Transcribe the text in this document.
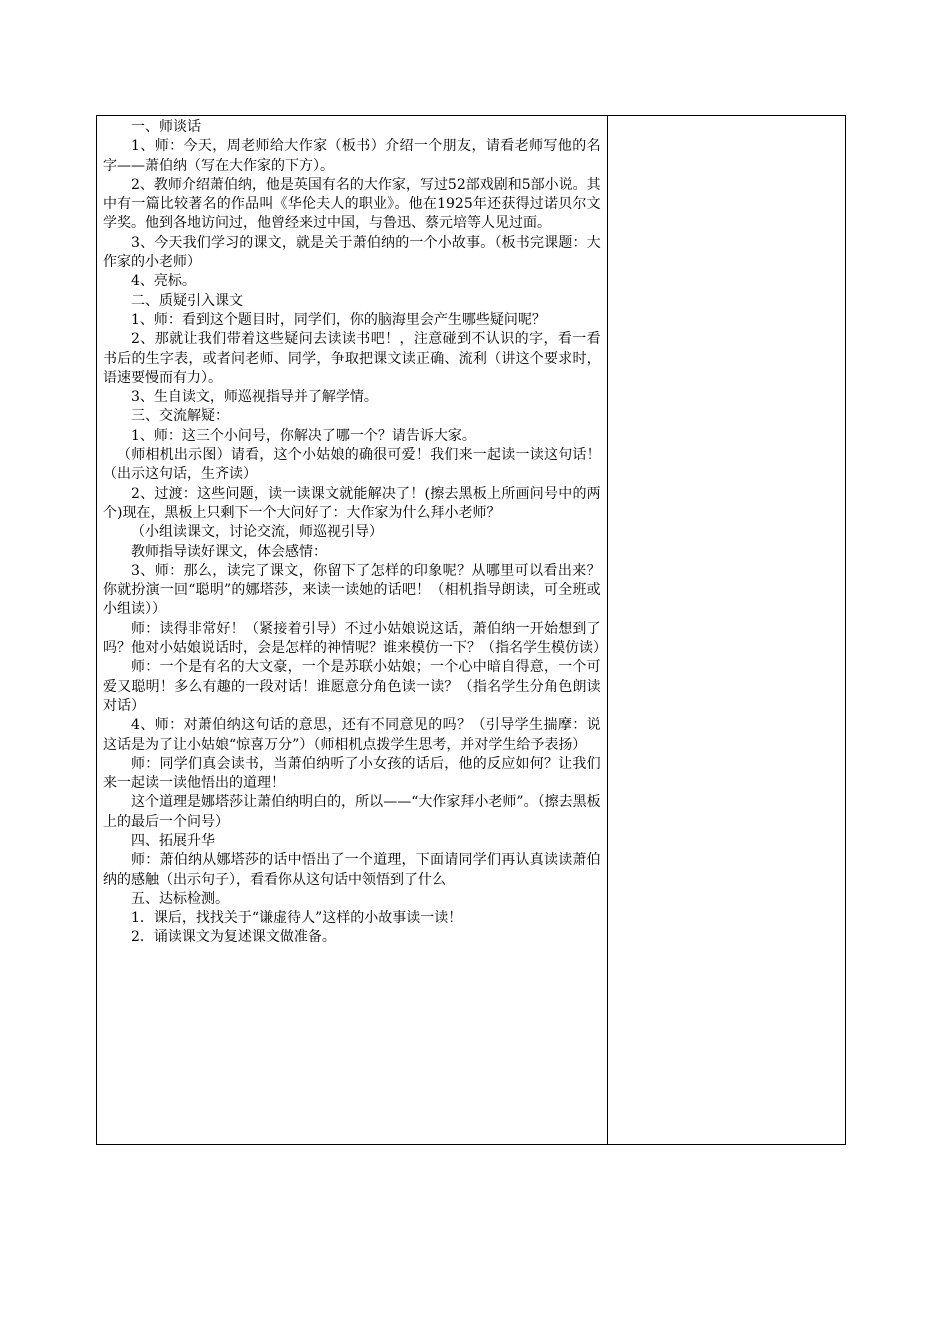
一、师谈话

1、师：今天，周老师给大作家（板书）介绍一个朋友，请看老师写他的名字——萧伯纳（写在大作家的下方）。

2、教师介绍萧伯纳，他是英国有名的大作家，写过52部戏剧和5部小说。其中有一篇比较著名的作品叫《华伦夫人的职业》。他在1925年还获得过诺贝尔文学奖。他到各地访问过，他曾经来过中国，与鲁迅、蔡元培等人见过面。

3、今天我们学习的课文，就是关于萧伯纳的一个小故事。（板书完课题：大作家的小老师）

4、亮标。

二、质疑引入课文

1、师：看到这个题目时，同学们，你的脑海里会产生哪些疑问呢？

2、那就让我们带着这些疑问去读读书吧！，注意碰到不认识的字，看一看书后的生字表，或者问老师、同学，争取把课文读正确、流利（讲这个要求时，语速要慢而有力）。

3、生自读文，师巡视指导并了解学情。

三、交流解疑：

1、师：这三个小问号，你解决了哪一个？请告诉大家。

（师相机出示图）请看，这个小姑娘的确很可爱！我们来一起读一读这句话！（出示这句话，生齐读）

2、过渡：这些问题，读一读课文就能解决了！(擦去黑板上所画问号中的两个)现在，黑板上只剩下一个大问好了：大作家为什么拜小老师？

（小组读课文，讨论交流，师巡视引导）

教师指导读好课文，体会感情：

3、师：那么，读完了课文，你留下了怎样的印象呢？从哪里可以看出来？你就扮演一回“聪明”的娜塔莎，来读一读她的话吧！（相机指导朗读，可全班或小组读））

师：读得非常好！（紧接着引导）不过小姑娘说这话，萧伯纳一开始想到了吗？他对小姑娘说话时，会是怎样的神情呢？谁来模仿一下？（指名学生模仿读）

师：一个是有名的大文豪，一个是苏联小姑娘；一个心中暗自得意，一个可爱又聪明！多么有趣的一段对话！谁愿意分角色读一读？（指名学生分角色朗读对话）

4、师：对萧伯纳这句话的意思，还有不同意见的吗？（引导学生揣摩：说这话是为了让小姑娘“惊喜万分”）（师相机点拨学生思考，并对学生给予表扬）

师：同学们真会读书，当萧伯纳听了小女孩的话后，他的反应如何？让我们来一起读一读他悟出的道理！

这个道理是娜塔莎让萧伯纳明白的，所以——“大作家拜小老师”。（擦去黑板上的最后一个问号）

四、拓展升华

师：萧伯纳从娜塔莎的话中悟出了一个道理，下面请同学们再认真读读萧伯纳的感触（出示句子），看看你从这句话中领悟到了什么

五、达标检测。

1．课后，找找关于“谦虚待人”这样的小故事读一读！

2．诵读课文为复述课文做准备。
